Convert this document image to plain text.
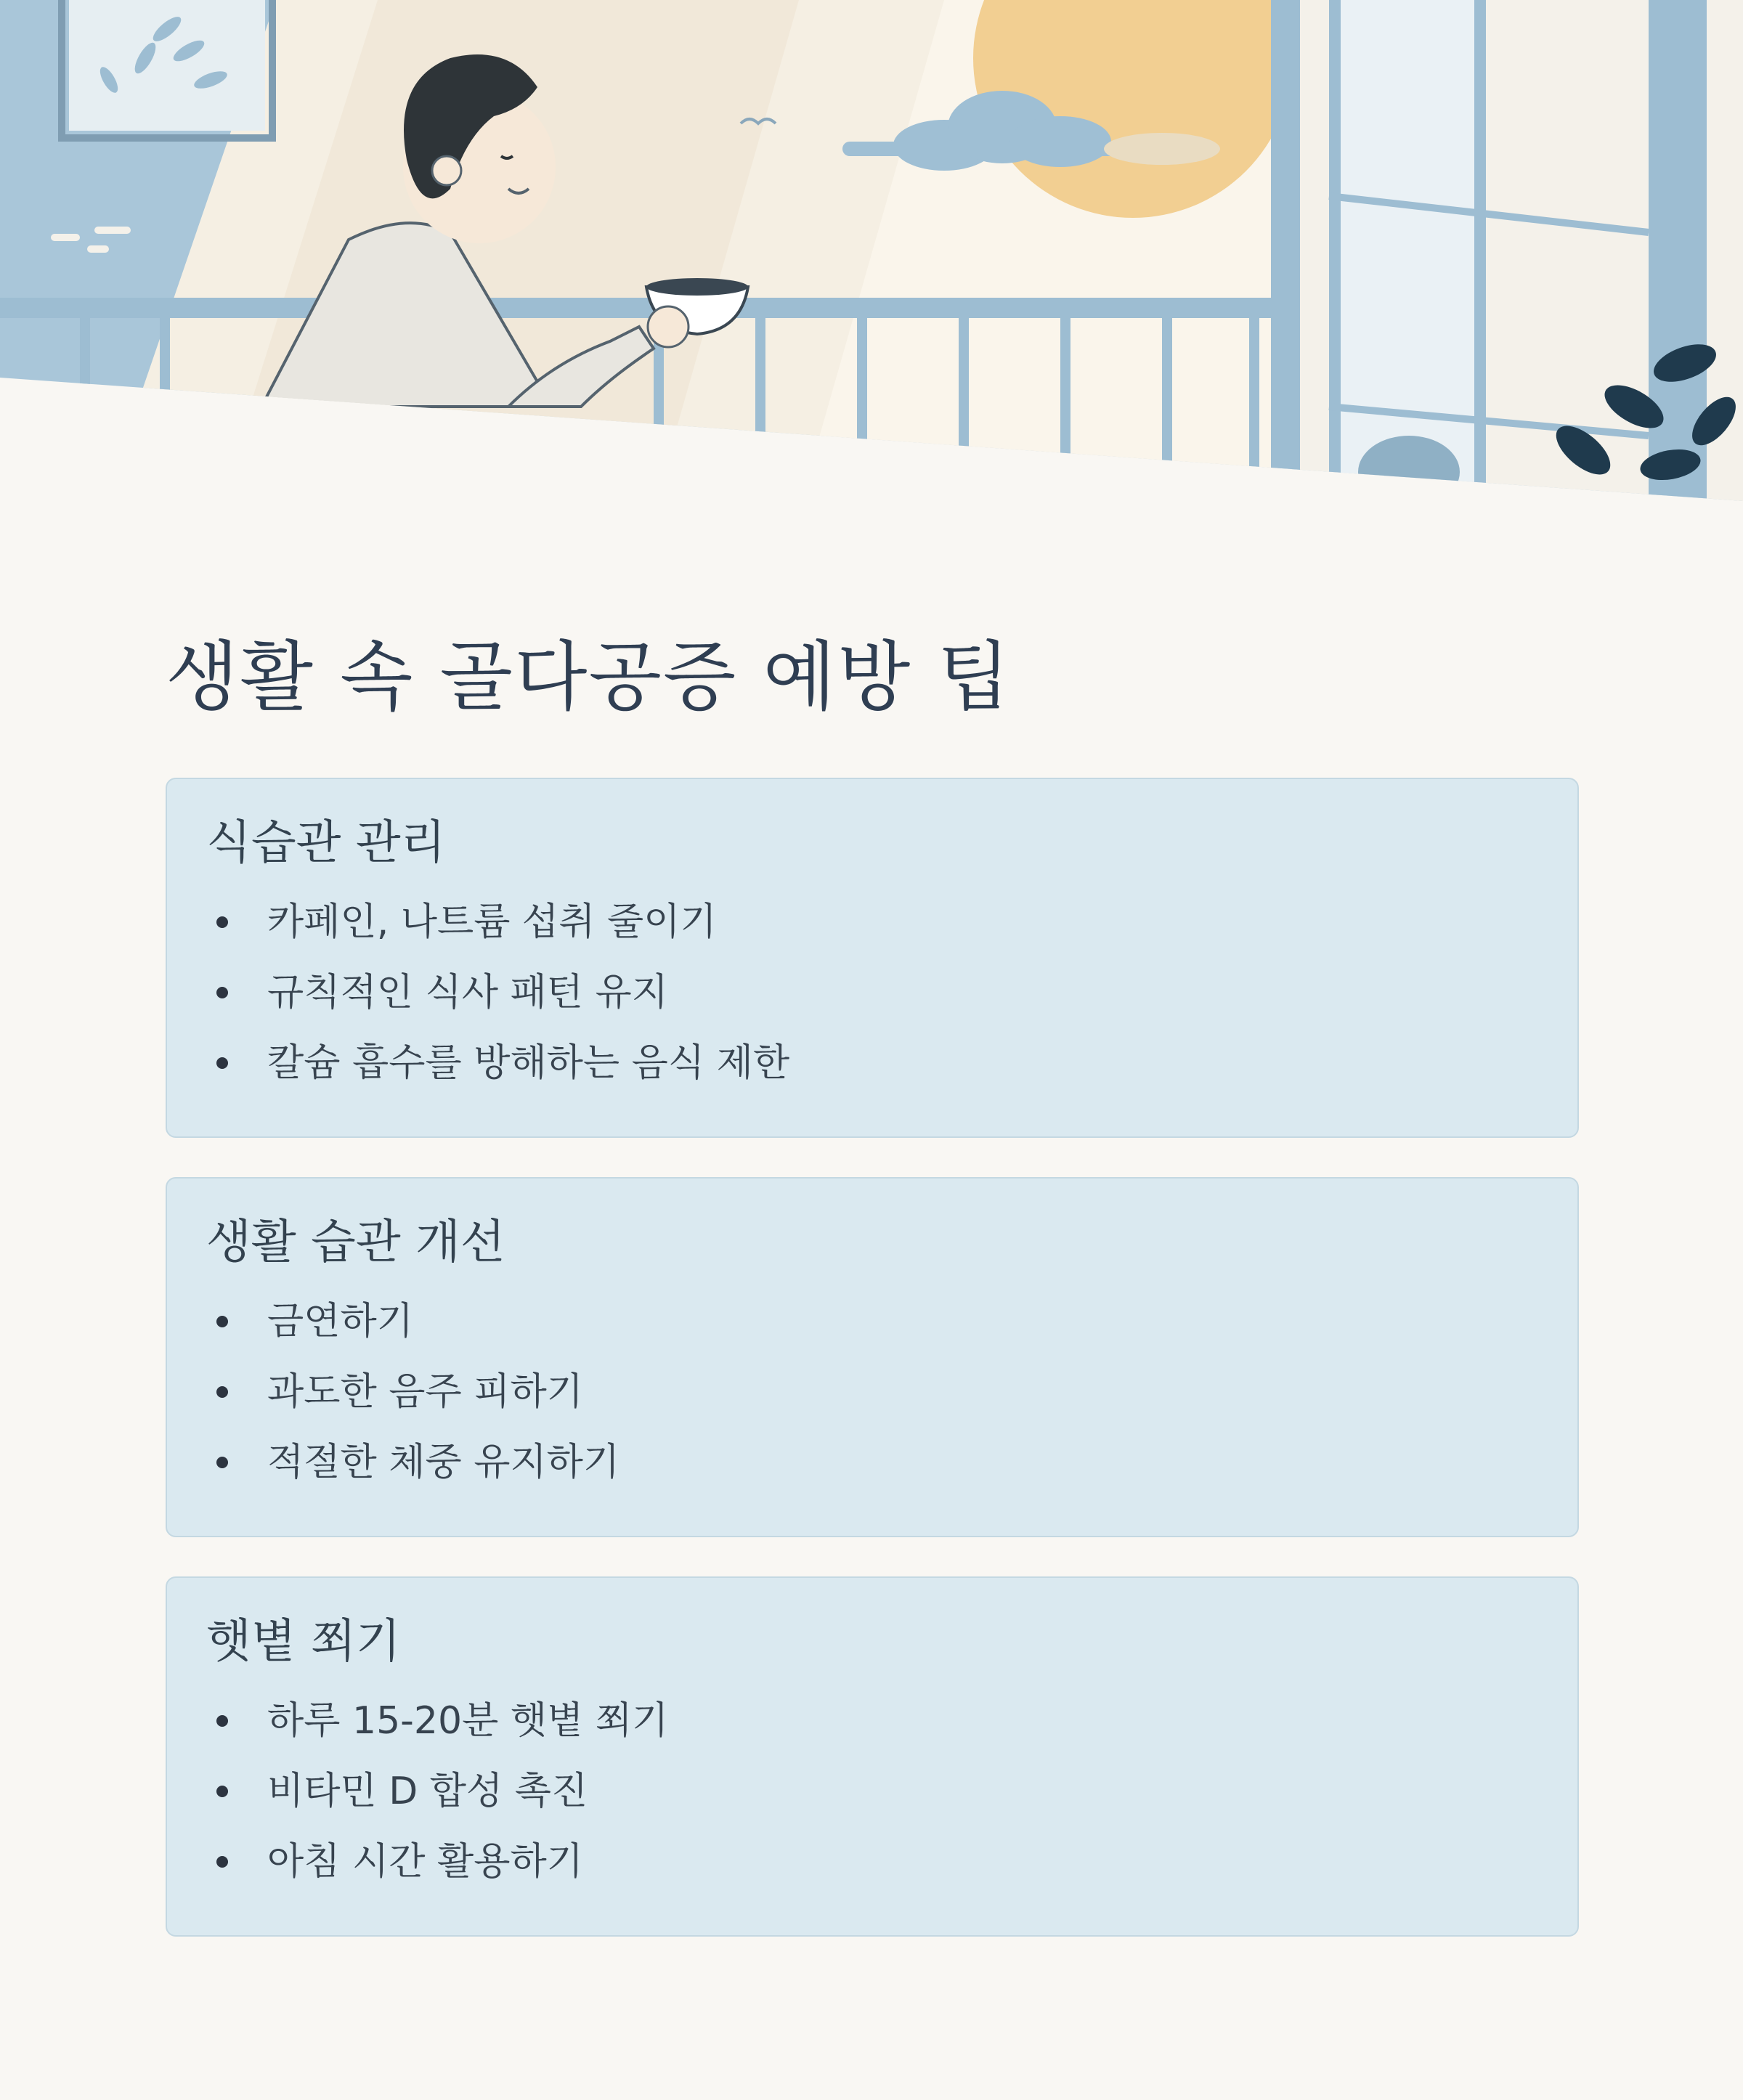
생활 속 골다공증 예방 팁
식습관 관리
카페인, 나트륨 섭취 줄이기
규칙적인 식사 패턴 유지
칼슘 흡수를 방해하는 음식 제한
생활 습관 개선
금연하기
과도한 음주 피하기
적절한 체중 유지하기
햇볕 쬐기
하루 15-20분 햇볕 쬐기
비타민 D 합성 촉진
아침 시간 활용하기
